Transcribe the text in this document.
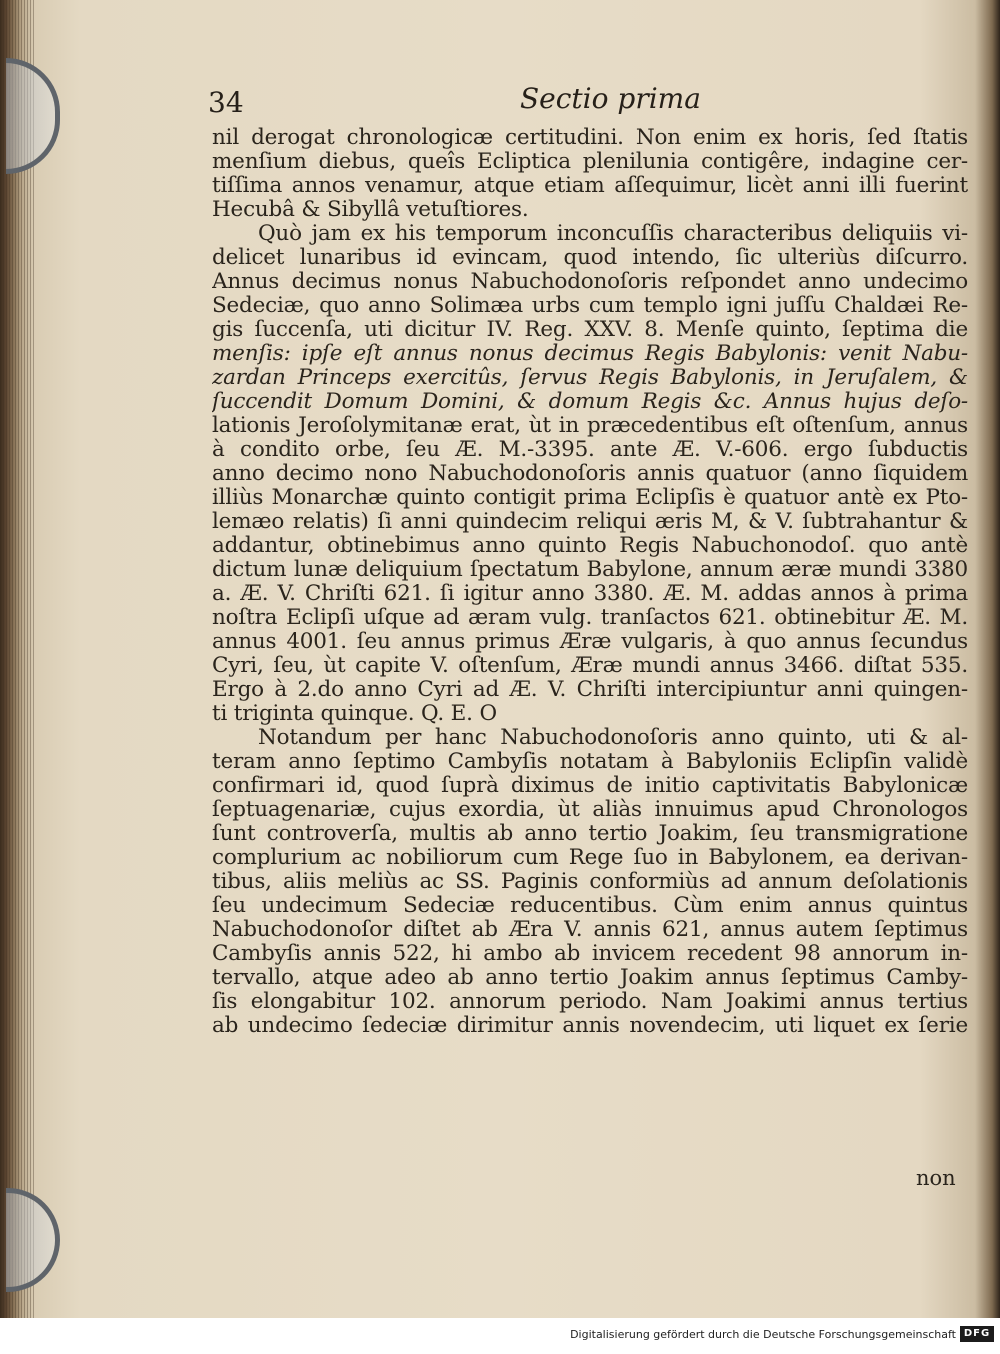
34	Sectio prima
nil derogat chronologicæ certitudini. Non enim ex horis, ſed ſtatis
menſium diebus, queîs Ecliptica plenilunia contigêre, indagine cer-
tiſſima annos venamur, atque etiam aſſequimur, licèt anni illi fuerint
Hecubâ & Sibyllâ vetuſtiores.
Quò jam ex his temporum inconcuſſis characteribus deliquiis vi-
delicet lunaribus id evincam, quod intendo, ſic ulteriùs diſcurro.
Annus decimus nonus Nabuchodonoſoris reſpondet anno undecimo
Sedeciæ, quo anno Solimæa urbs cum templo igni juſſu Chaldæi Re-
gis ſuccenſa, uti dicitur IV. Reg. XXV. 8. Menſe quinto, ſeptima die
menſis: ipſe eſt annus nonus decimus Regis Babylonis: venit Nabu-
zardan Princeps exercitûs, ſervus Regis Babylonis, in Jeruſalem, &
ſuccendit Domum Domini, & domum Regis &c. Annus hujus deſo-
lationis Jeroſolymitanæ erat, ùt in præcedentibus eſt oſtenſum, annus
à condito orbe, ſeu Æ. M.-3395. ante Æ. V.-606. ergo ſubductis
anno decimo nono Nabuchodonoſoris annis quatuor (anno ſiquidem
illiùs Monarchæ quinto contigit prima Eclipſis è quatuor antè ex Pto-
lemæo relatis) ſi anni quindecim reliqui æris M, & V. ſubtrahantur &
addantur, obtinebimus anno quinto Regis Nabuchonodoſ. quo antè
dictum lunæ deliquium ſpectatum Babylone, annum æræ mundi 3380
a. Æ. V. Chriſti 621. ſi igitur anno 3380. Æ. M. addas annos à prima
noſtra Eclipſi uſque ad æram vulg. tranſactos 621. obtinebitur Æ. M.
annus 4001. ſeu annus primus Æræ vulgaris, à quo annus ſecundus
Cyri, ſeu, ùt capite V. oſtenſum, Æræ mundi annus 3466. diſtat 535.
Ergo à 2.do anno Cyri ad Æ. V. Chriſti intercipiuntur anni quingen-
ti triginta quinque. Q. E. O
Notandum per hanc Nabuchodonoſoris anno quinto, uti & al-
teram anno ſeptimo Cambyſis notatam à Babyloniis Eclipſin validè
confirmari id, quod ſuprà diximus de initio captivitatis Babylonicæ
ſeptuagenariæ, cujus exordia, ùt aliàs innuimus apud Chronologos
ſunt controverſa, multis ab anno tertio Joakim, ſeu transmigratione
complurium ac nobiliorum cum Rege ſuo in Babylonem, ea derivan-
tibus, aliis meliùs ac SS. Paginis conformiùs ad annum deſolationis
ſeu undecimum Sedeciæ reducentibus. Cùm enim annus quintus
Nabuchodonoſor diſtet ab Æra V. annis 621, annus autem ſeptimus
Cambyſis annis 522, hi ambo ab invicem recedent 98 annorum in-
tervallo, atque adeo ab anno tertio Joakim annus ſeptimus Camby-
ſis elongabitur 102. annorum periodo. Nam Joakimi annus tertius
ab undecimo ſedeciæ dirimitur annis novendecim, uti liquet ex ſerie
non
Digitalisierung gefördert durch die Deutsche Forschungsgemeinschaft DFG
